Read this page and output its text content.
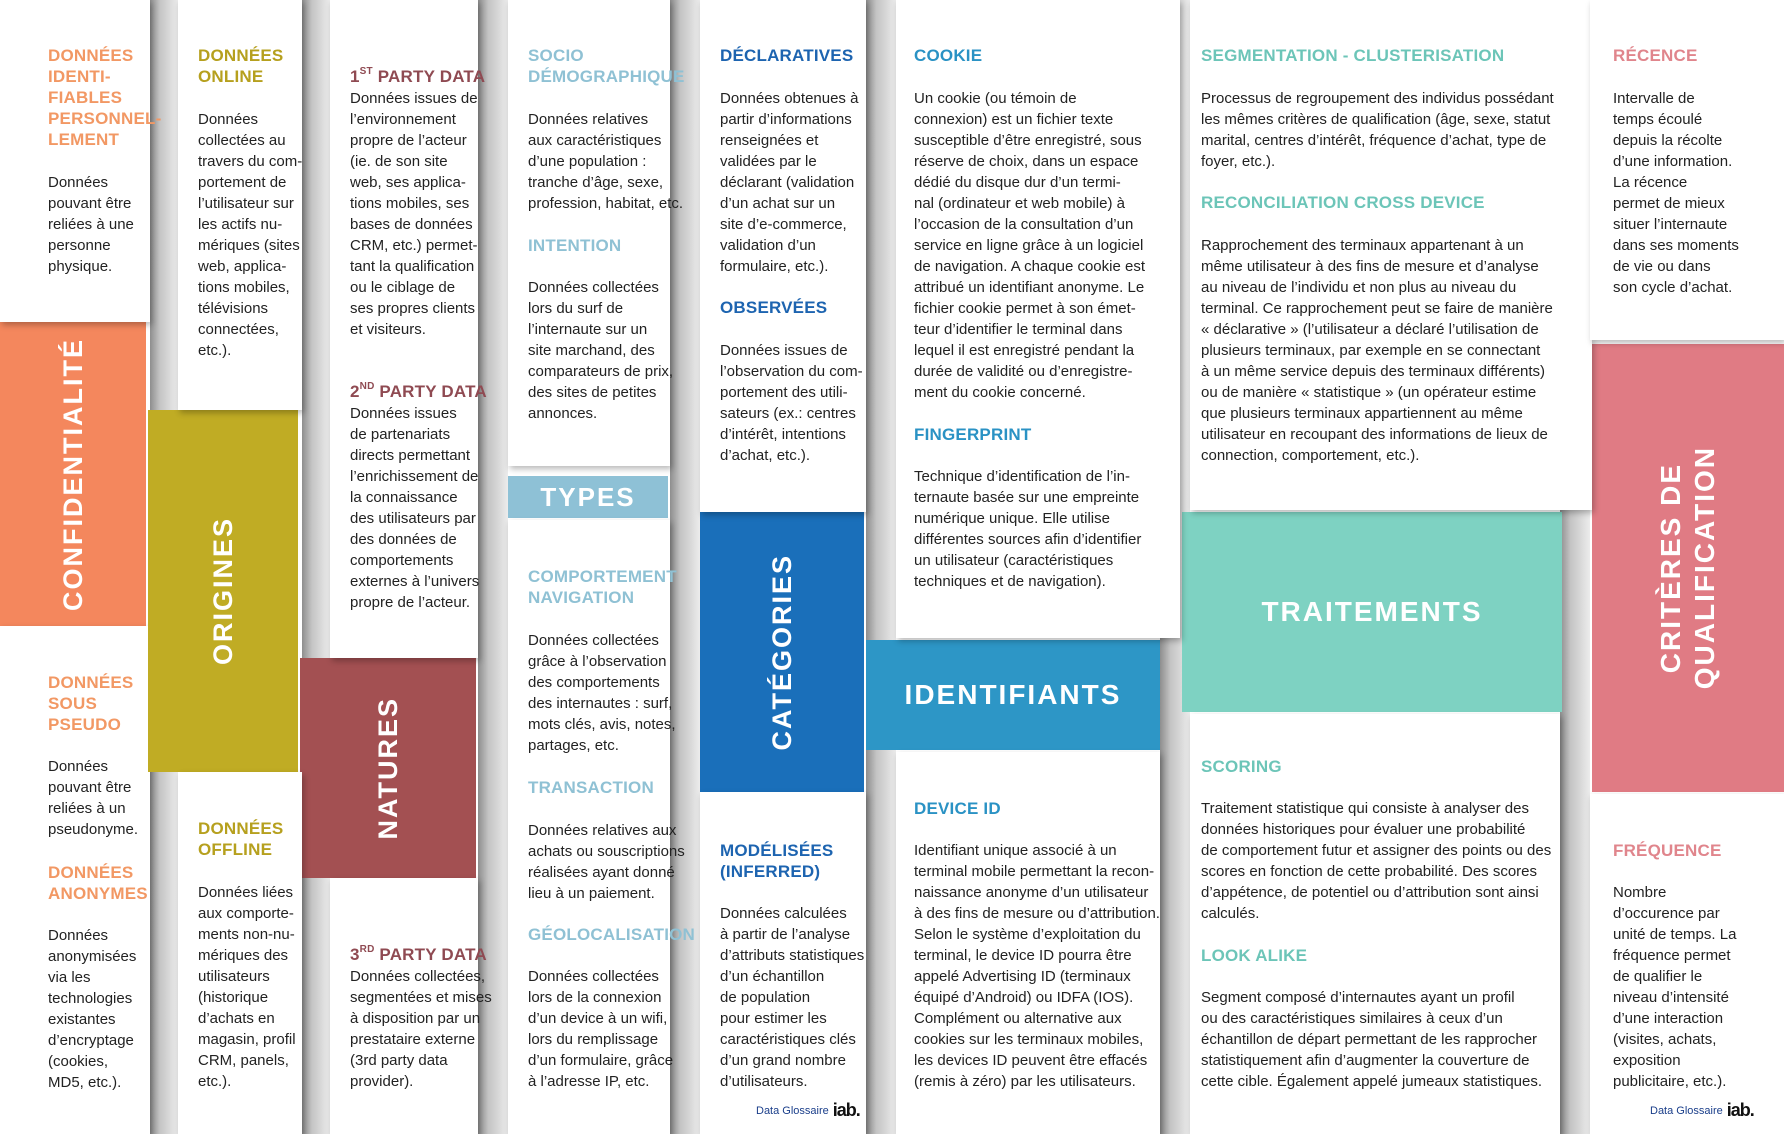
CONFIDENTIALITÉ	ORIGINES
NATURES
TYPES
CATÉGORIES	IDENTIFIANTS
TRAITEMENTS	CRITÈRES DE
QUALIFICATION
DONNÉES
IDENTI-
FIABLES
PERSONNEL-
LEMENT
Données
pouvant être
reliées à une
personne
physique.
DONNÉES
SOUS
PSEUDO
Données
pouvant être
reliées à un
pseudonyme.
DONNÉES
ANONYMES
Données
anonymisées
via les
technologies
existantes
d’encryptage
(cookies,
MD5, etc.).
DONNÉES
ONLINE
Données
collectées au
travers du com-
portement de
l’utilisateur sur
les actifs nu-
mériques (sites
web, applica-
tions mobiles,
télévisions
connectées,
etc.).
DONNÉES
OFFLINE
Données liées
aux comporte-
ments non-nu-
mériques des
utilisateurs
(historique
d’achats en
magasin, profil
CRM, panels,
etc.).

1ST PARTY DATA

Données issues de
l’environnement
propre de l’acteur
(ie. de son site
web, ses applica-
tions mobiles, ses
bases de données
CRM, etc.) permet-
tant la qualification
ou le ciblage de
ses propres clients
et visiteurs.

2ND PARTY DATA

Données issues
de partenariats
directs permettant
l’enrichissement de
la connaissance
des utilisateurs par
des données de
comportements
externes à l’univers
propre de l’acteur.

3RD PARTY DATA

Données collectées,
segmentées et mises
à disposition par un
prestataire externe
(3rd party data
provider).
SOCIO
DÉMOGRAPHIQUE
Données relatives
aux caractéristiques
d’une population :
tranche d’âge, sexe,
profession, habitat, etc.
INTENTION
Données collectées
lors du surf de
l’internaute sur un
site marchand, des
comparateurs de prix,
des sites de petites
annonces.
COMPORTEMENT
NAVIGATION
Données collectées
grâce à l’observation
des comportements
des internautes : surf,
mots clés, avis, notes,
partages, etc.
TRANSACTION
Données relatives aux
achats ou souscriptions
réalisées ayant donné
lieu à un paiement.
GÉOLOCALISATION
Données collectées
lors de la connexion
d’un device à un wifi,
lors du remplissage
d’un formulaire, grâce
à l’adresse IP, etc.
DÉCLARATIVES
Données obtenues à
partir d’informations
renseignées et
validées par le
déclarant (validation
d’un achat sur un
site d’e-commerce,
validation d’un
formulaire, etc.).
OBSERVÉES
Données issues de
l’observation du com-
portement des utili-
sateurs (ex.: centres
d’intérêt, intentions
d’achat, etc.).
MODÉLISÉES
(INFERRED)
Données calculées
à partir de l’analyse
d’attributs statistiques
d’un échantillon
de population
pour estimer les
caractéristiques clés
d’un grand nombre
d’utilisateurs.
COOKIE
Un cookie (ou témoin de
connexion) est un fichier texte
susceptible d’être enregistré, sous
réserve de choix, dans un espace
dédié du disque dur d’un termi-
nal (ordinateur et web mobile) à
l’occasion de la consultation d’un
service en ligne grâce à un logiciel
de navigation. A chaque cookie est
attribué un identifiant anonyme. Le
fichier cookie permet à son émet-
teur d’identifier le terminal dans
lequel il est enregistré pendant la
durée de validité ou d’enregistre-
ment du cookie concerné.
FINGERPRINT
Technique d’identification de l’in-
ternaute basée sur une empreinte
numérique unique. Elle utilise
différentes sources afin d’identifier
un utilisateur (caractéristiques
techniques et de navigation).
DEVICE ID
Identifiant unique associé à un
terminal mobile permettant la recon-
naissance anonyme d’un utilisateur
à des fins de mesure ou d’attribution.
Selon le système d’exploitation du
terminal, le device ID pourra être
appelé Advertising ID (terminaux
équipé d’Android) ou IDFA (IOS).
Complément ou alternative aux
cookies sur les terminaux mobiles,
les devices ID peuvent être effacés
(remis à zéro) par les utilisateurs.
SEGMENTATION - CLUSTERISATION
Processus de regroupement des individus possédant
les mêmes critères de qualification (âge, sexe, statut
marital, centres d’intérêt, fréquence d’achat, type de
foyer, etc.).
RECONCILIATION CROSS DEVICE
Rapprochement des terminaux appartenant à un
même utilisateur à des fins de mesure et d’analyse
au niveau de l’individu et non plus au niveau du
terminal. Ce rapprochement peut se faire de manière
« déclarative » (l’utilisateur a déclaré l’utilisation de
plusieurs terminaux, par exemple en se connectant
à un même service depuis des terminaux différents)
ou de manière « statistique » (un opérateur estime
que plusieurs terminaux appartiennent au même
utilisateur en recoupant des informations de lieux de
connection, comportement, etc.).
SCORING
Traitement statistique qui consiste à analyser des
données historiques pour évaluer une probabilité
de comportement futur et assigner des points ou des
scores en fonction de cette probabilité. Des scores
d’appétence, de potentiel ou d’attribution sont ainsi
calculés.
LOOK ALIKE
Segment composé d’internautes ayant un profil
ou des caractéristiques similaires à ceux d’un
échantillon de départ permettant de les rapprocher
statistiquement afin d’augmenter la couverture de
cette cible. Également appelé jumeaux statistiques.
RÉCENCE
Intervalle de
temps écoulé
depuis la récolte
d’une information.
La récence
permet de mieux
situer l’internaute
dans ses moments
de vie ou dans
son cycle d’achat.
FRÉQUENCE
Nombre
d’occurence par
unité de temps. La
fréquence permet
de qualifier le
niveau d’intensité
d’une interaction
(visites, achats,
exposition
publicitaire, etc.).
Data Glossaire iab.	Data Glossaire iab.
